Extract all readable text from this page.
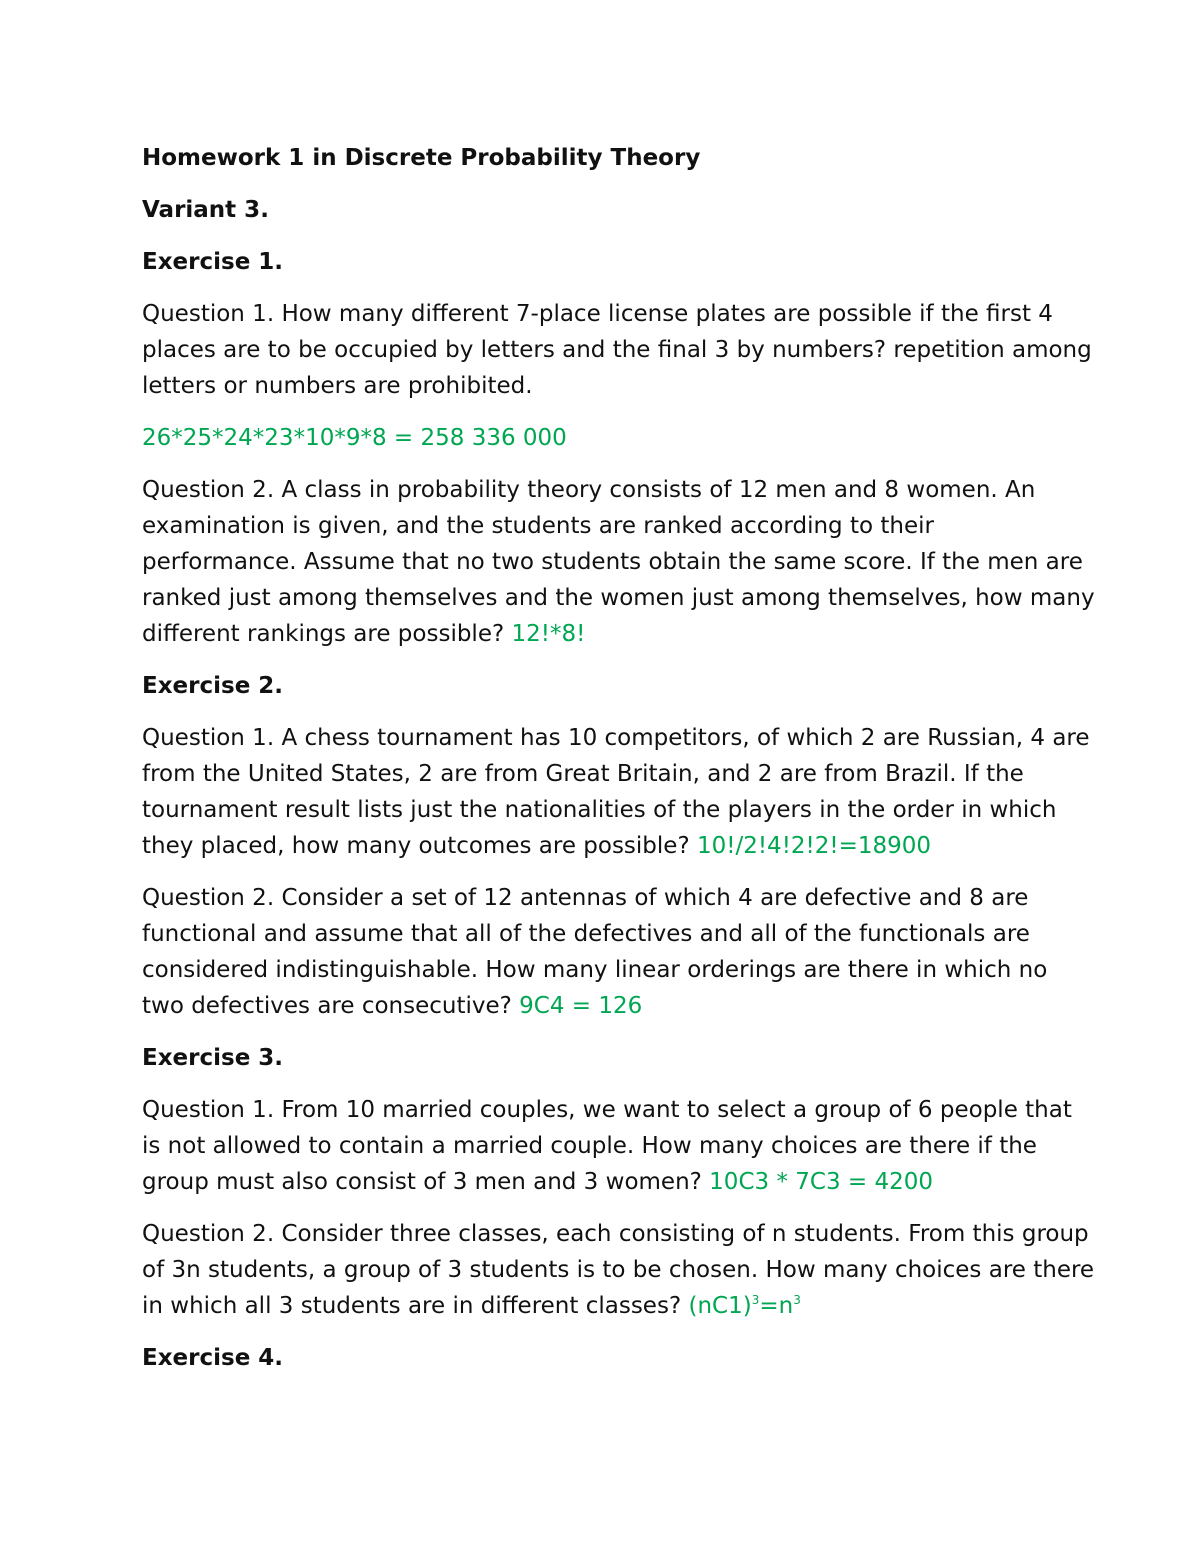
Homework 1 in Discrete Probability Theory
Variant 3.
Exercise 1.
Question 1. How many different 7-place license plates are possible if the first 4
places are to be occupied by letters and the final 3 by numbers? repetition among
letters or numbers are prohibited.
26*25*24*23*10*9*8 = 258 336 000
Question 2. A class in probability theory consists of 12 men and 8 women. An
examination is given, and the students are ranked according to their
performance. Assume that no two students obtain the same score. If the men are
ranked just among themselves and the women just among themselves, how many
different rankings are possible? 12!*8!
Exercise 2.
Question 1. A chess tournament has 10 competitors, of which 2 are Russian, 4 are
from the United States, 2 are from Great Britain, and 2 are from Brazil. If the
tournament result lists just the nationalities of the players in the order in which
they placed, how many outcomes are possible? 10!/2!4!2!2!=18900
Question 2. Consider a set of 12 antennas of which 4 are defective and 8 are
functional and assume that all of the defectives and all of the functionals are
considered indistinguishable. How many linear orderings are there in which no
two defectives are consecutive? 9C4 = 126
Exercise 3.
Question 1. From 10 married couples, we want to select a group of 6 people that
is not allowed to contain a married couple. How many choices are there if the
group must also consist of 3 men and 3 women? 10C3 * 7C3 = 4200
Question 2. Consider three classes, each consisting of n students. From this group
of 3n students, a group of 3 students is to be chosen. How many choices are there
in which all 3 students are in different classes? $(nC1)^3=n^3$
Exercise 4.
